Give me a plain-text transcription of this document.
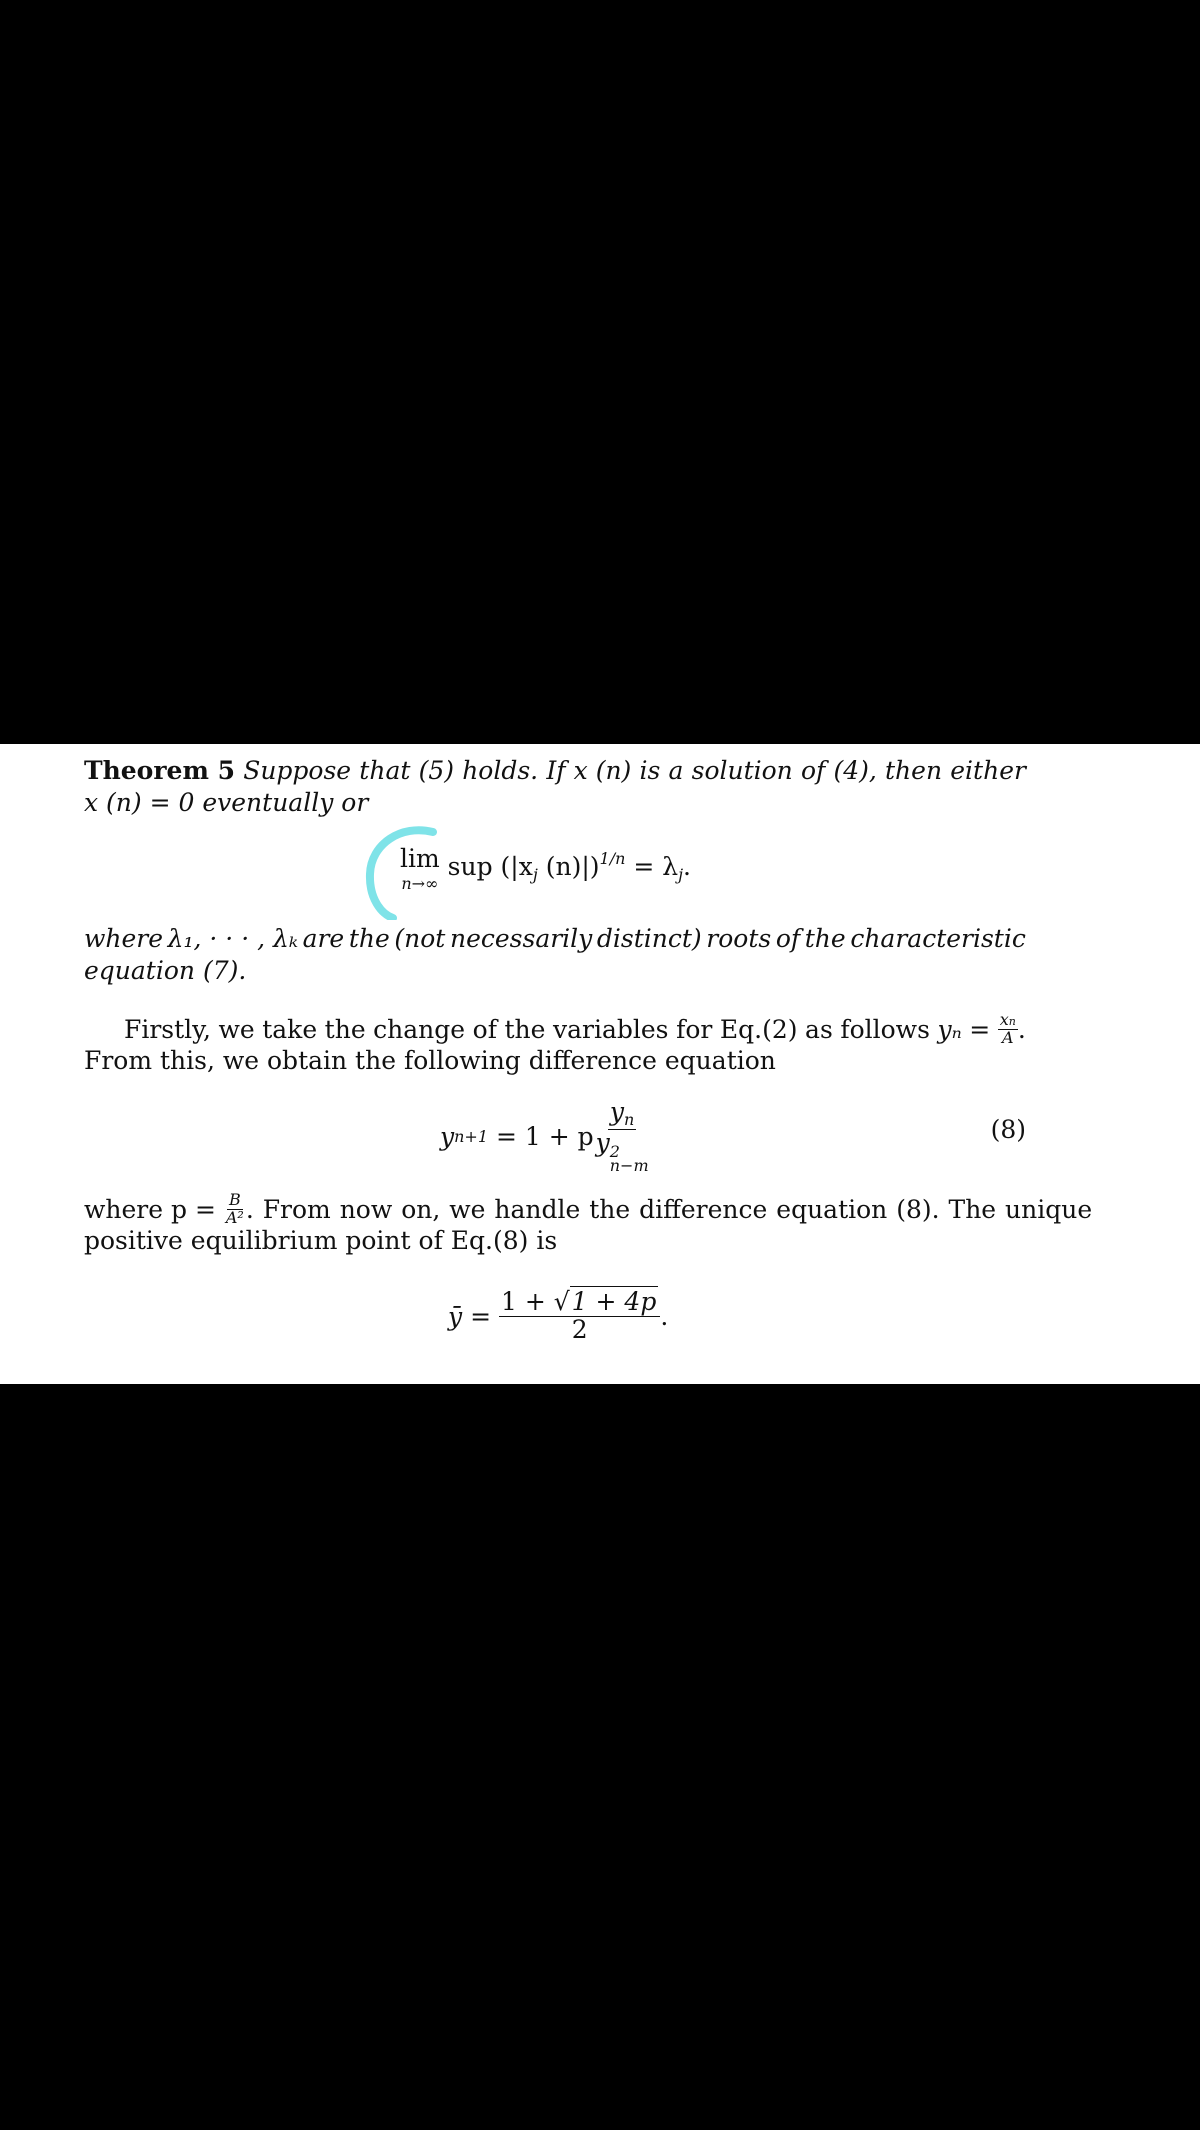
Theorem 5 Suppose that (5) holds. If x (n) is a solution of (4), then either
x (n) = 0 eventually or
lim
n→∞
sup ($|x_j$ $(n)|)^{1/n} = \lambda_j$.
where λ₁, · · · , λₖ are the (not necessarily distinct) roots of the characteristic
equation (7).
Firstly, we take the change of the variables for Eq.(2) as follows $y_n = \frac{xn}{A}$ .
From this, we obtain the following difference equation
y n+1 = 1 + p $y_n$
y 2
n−m	(8)
where $p = \frac{B}{\text{A²}}$ . From now on, we handle the difference equation (8). The unique
positive equilibrium point of Eq.(8) is
ȳ =
$\frac{1 + √1 + 4p}{2}$ .
